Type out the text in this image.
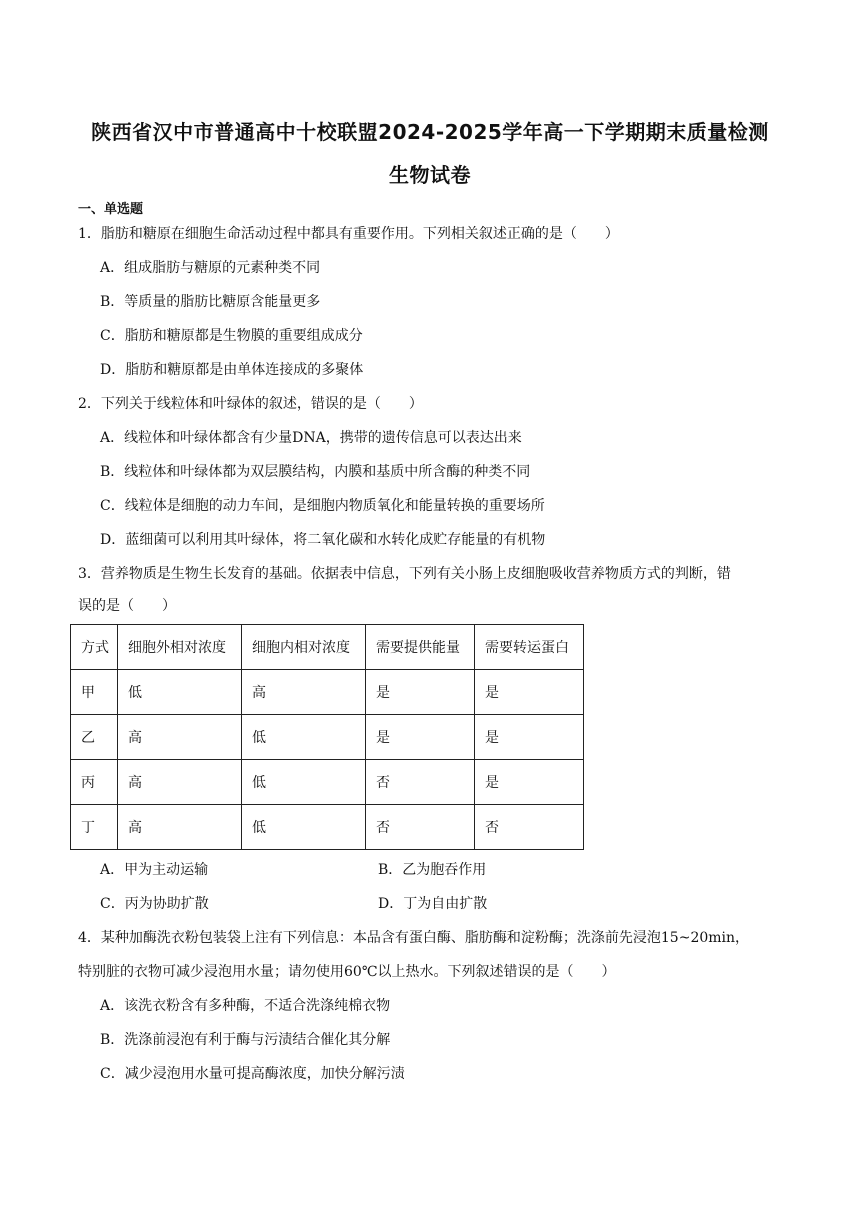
陕西省汉中市普通高中十校联盟2024-2025学年高一下学期期末质量检测
生物试卷
一、单选题
1．脂肪和糖原在细胞生命活动过程中都具有重要作用。下列相关叙述正确的是（　　）
A．组成脂肪与糖原的元素种类不同
B．等质量的脂肪比糖原含能量更多
C．脂肪和糖原都是生物膜的重要组成成分
D．脂肪和糖原都是由单体连接成的多聚体
2．下列关于线粒体和叶绿体的叙述，错误的是（　　）
A．线粒体和叶绿体都含有少量DNA，携带的遗传信息可以表达出来
B．线粒体和叶绿体都为双层膜结构，内膜和基质中所含酶的种类不同
C．线粒体是细胞的动力车间，是细胞内物质氧化和能量转换的重要场所
D．蓝细菌可以利用其叶绿体，将二氧化碳和水转化成贮存能量的有机物
3．营养物质是生物生长发育的基础。依据表中信息，下列有关小肠上皮细胞吸收营养物质方式的判断，错
误的是（　　）
方式	细胞外相对浓度	细胞内相对浓度	需要提供能量	需要转运蛋白
甲	低	高	是	是
乙	高	低	是	是
丙	高	低	否	是
丁	高	低	否	否
A．甲为主动运输	B．乙为胞吞作用
C．丙为协助扩散	D．丁为自由扩散
4．某种加酶洗衣粉包装袋上注有下列信息：本品含有蛋白酶、脂肪酶和淀粉酶；洗涤前先浸泡15~20min，
特别脏的衣物可减少浸泡用水量；请勿使用60℃以上热水。下列叙述错误的是（　　）
A．该洗衣粉含有多种酶，不适合洗涤纯棉衣物
B．洗涤前浸泡有利于酶与污渍结合催化其分解
C．减少浸泡用水量可提高酶浓度，加快分解污渍
